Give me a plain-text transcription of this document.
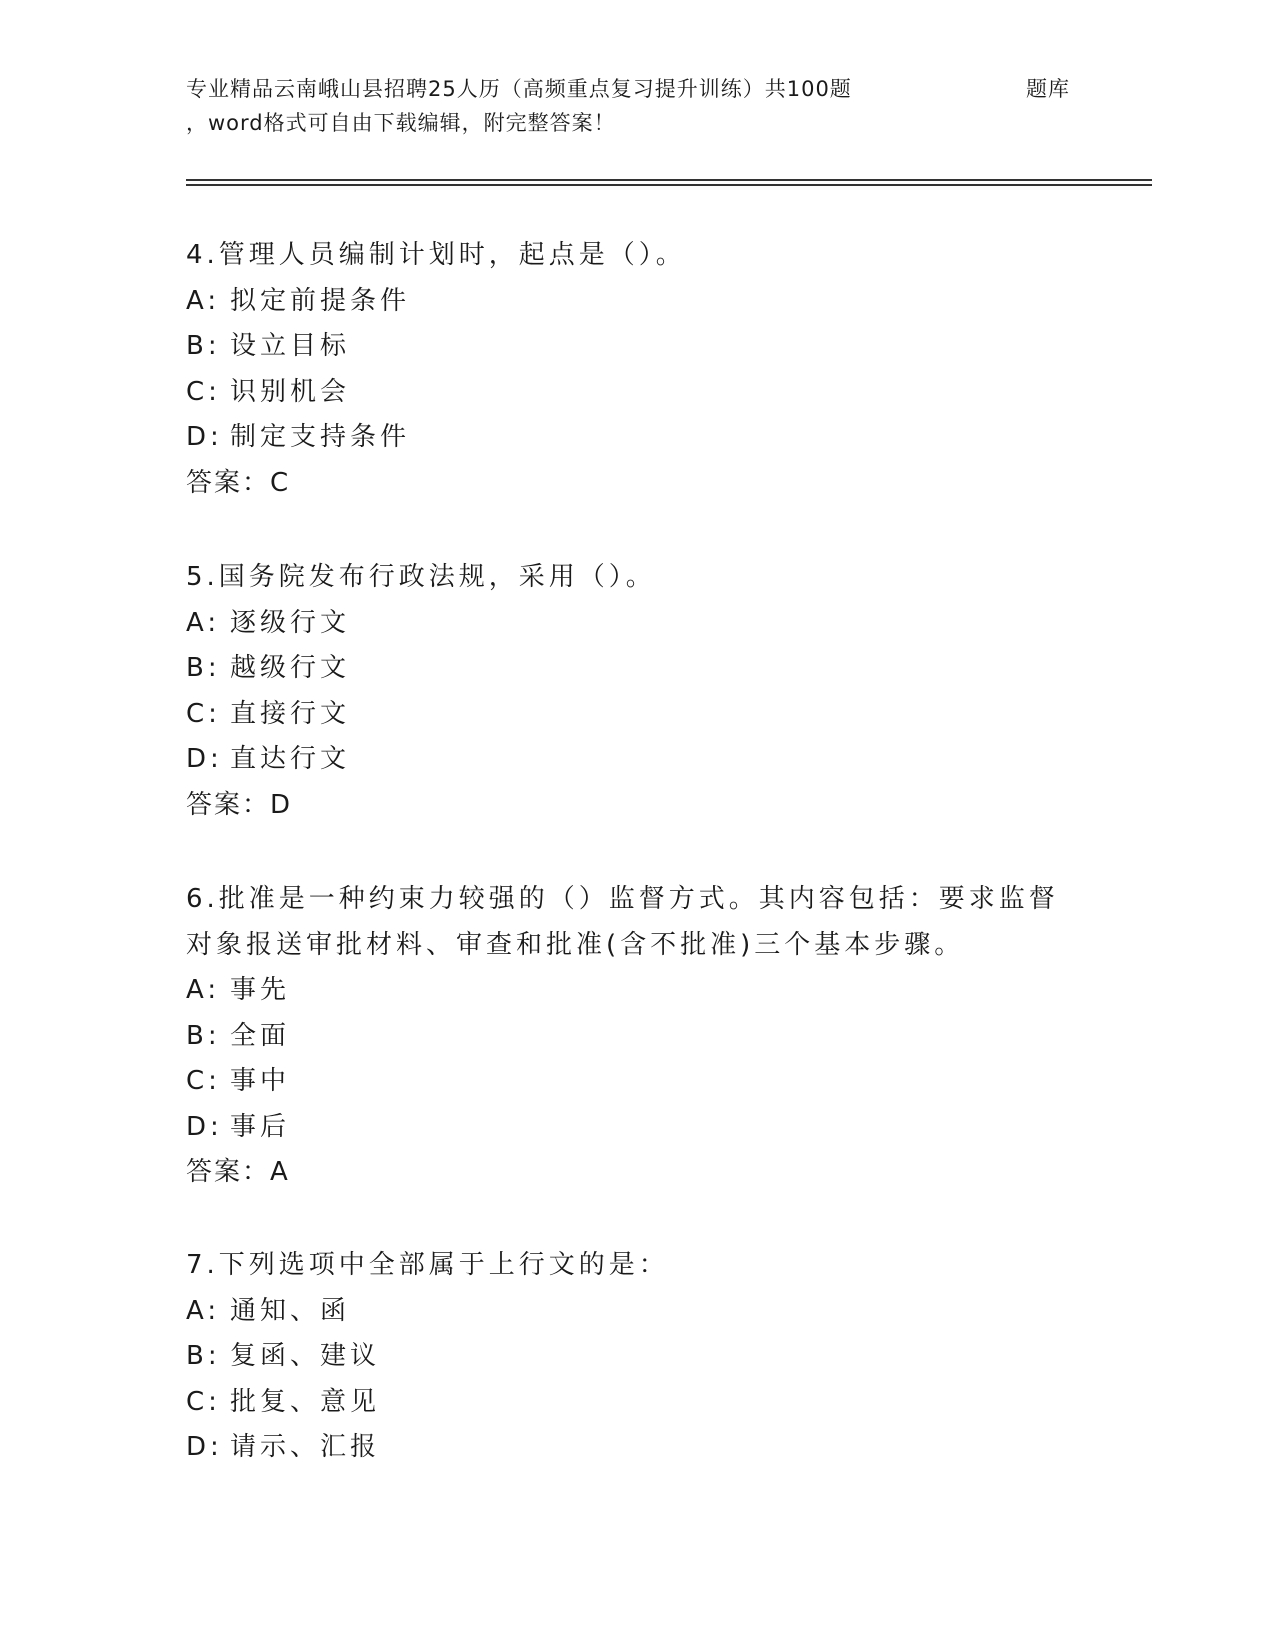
专业精品云南峨山县招聘25人历（高频重点复习提升训练）共100题	题库
，word格式可自由下载编辑，附完整答案！

4.管理人员编制计划时，起点是（）。

A: 拟定前提条件

B: 设立目标

C: 识别机会

D: 制定支持条件

答案：C

5.国务院发布行政法规，采用（）。

A: 逐级行文

B: 越级行文

C: 直接行文

D: 直达行文

答案：D

6.批准是一种约束力较强的（）监督方式。其内容包括：要求监督对象报送审批材料、审查和批准(含不批准)三个基本步骤。

A: 事先

B: 全面

C: 事中

D: 事后

答案：A

7.下列选项中全部属于上行文的是：

A: 通知、函

B: 复函、建议

C: 批复、意见

D: 请示、汇报
